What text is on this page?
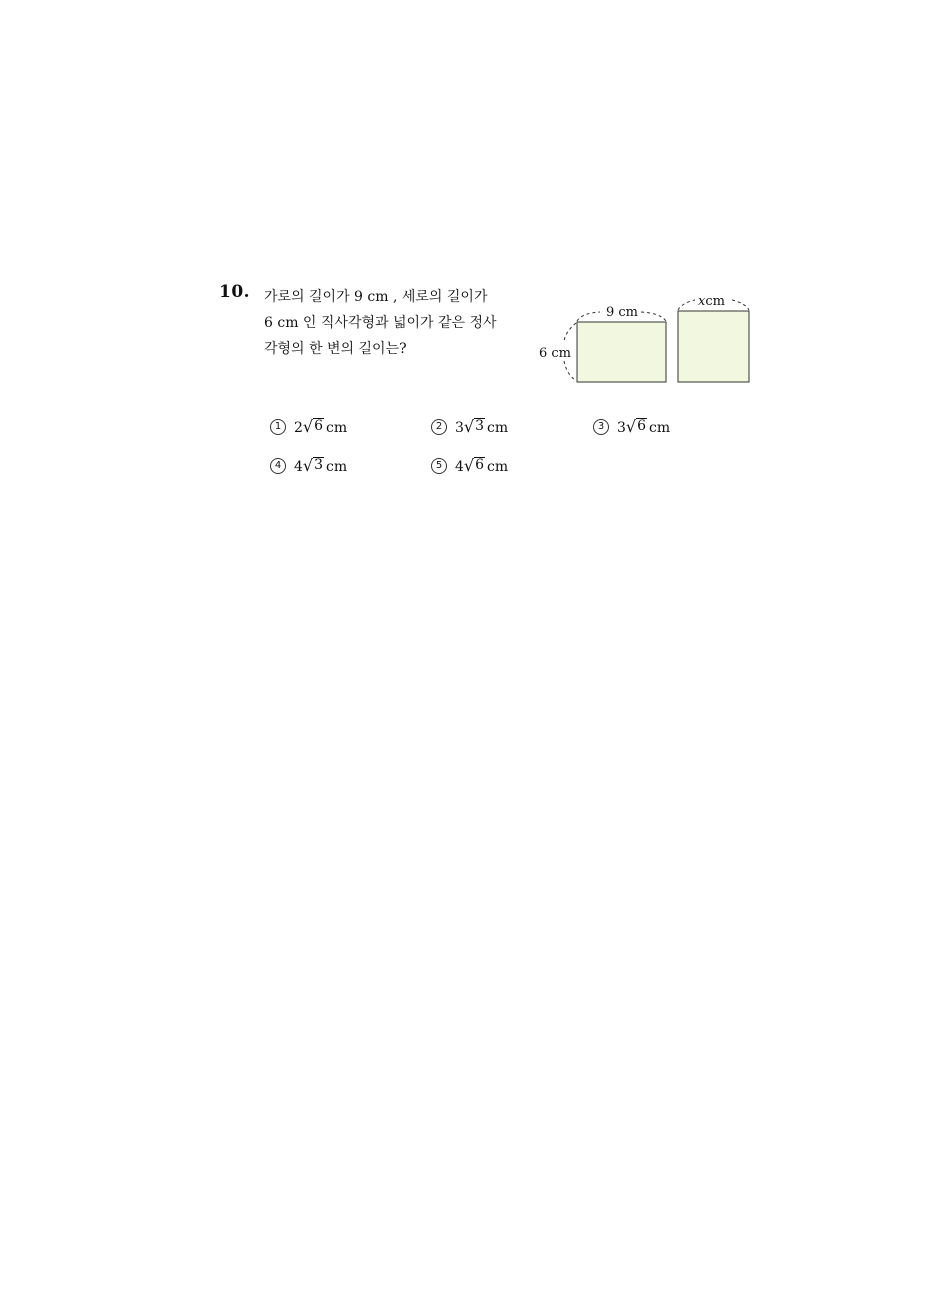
10. 가로의 길이가 9 cm , 세로의 길이가
6 cm 인 직사각형과 넓이가 같은 정사
각형의 한 변의 길이는?
9 cm
6 cm
xcm
1 2 √ 6 cm	2 3 √ 3 cm	3 3 √ 6 cm
4 4 √ 3 cm	5 4 √ 6 cm
